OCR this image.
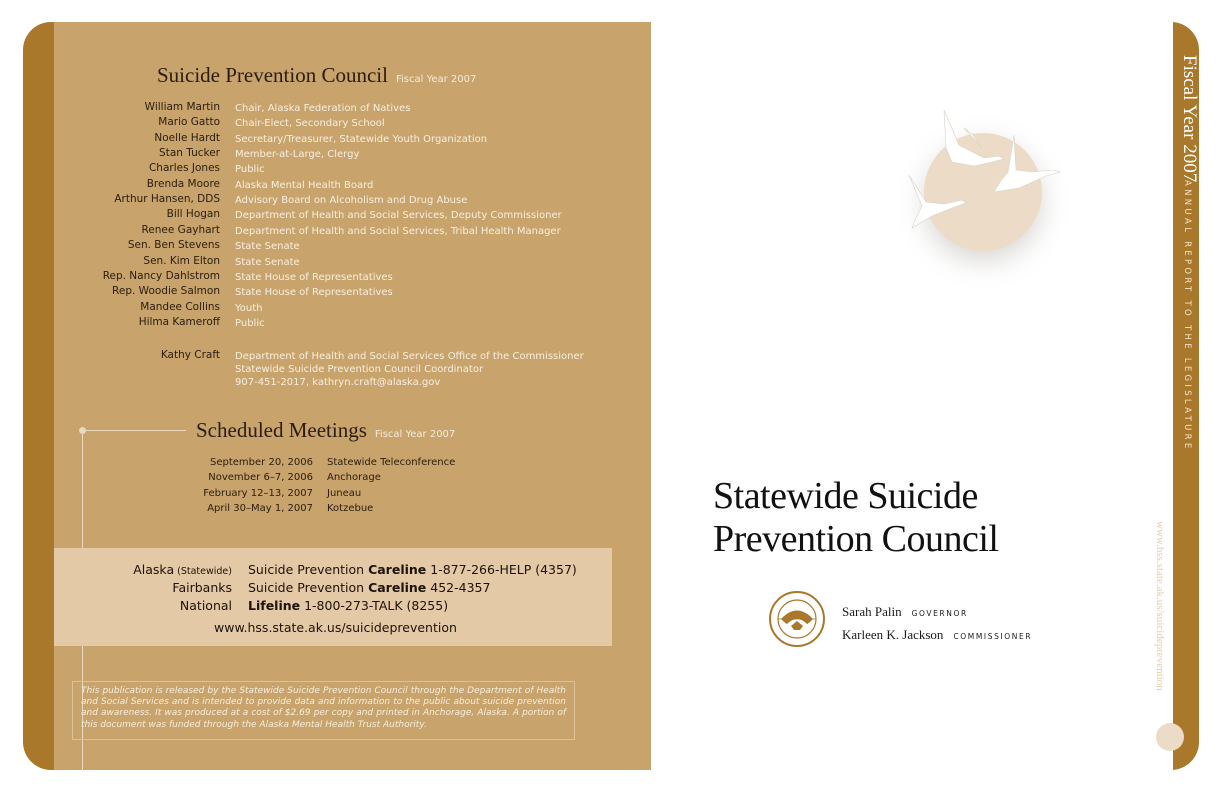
Suicide Prevention Council Fiscal Year 2007
William Martin Chair, Alaska Federation of Natives
Mario Gatto Chair-Elect, Secondary School
Noelle Hardt Secretary/Treasurer, Statewide Youth Organization
Stan Tucker Member-at-Large, Clergy
Charles Jones Public
Brenda Moore Alaska Mental Health Board
Arthur Hansen, DDS Advisory Board on Alcoholism and Drug Abuse
Bill Hogan Department of Health and Social Services, Deputy Commissioner
Renee Gayhart Department of Health and Social Services, Tribal Health Manager
Sen. Ben Stevens State Senate
Sen. Kim Elton State Senate
Rep. Nancy Dahlstrom State House of Representatives
Rep. Woodie Salmon State House of Representatives
Mandee Collins Youth
Hilma Kameroff Public
Kathy Craft Department of Health and Social Services Office of the Commissioner
Statewide Suicide Prevention Council Coordinator
907-451-2017, kathryn.craft@alaska.gov
Scheduled Meetings Fiscal Year 2007
September 20, 2006 Statewide Teleconference
November 6–7, 2006 Anchorage
February 12–13, 2007 Juneau
April 30–May 1, 2007 Kotzebue
Alaska (Statewide) Suicide Prevention Careline 1-877-266-HELP (4357)
Fairbanks Suicide Prevention Careline 452-4357
National Lifeline 1-800-273-TALK (8255)
www.hss.state.ak.us/suicideprevention
This publication is released by the Statewide Suicide Prevention Council through the Department of Health and Social Services and is intended to provide data and information to the public about suicide prevention and awareness. It was produced at a cost of $2.69 per copy and printed in Anchorage, Alaska. A portion of this document was funded through the Alaska Mental Health Trust Authority.
Fiscal Year 2007
ANNUAL REPORT TO THE LEGISLATURE
www.hss.state.ak.us/suicideprevention
Statewide Suicide
Prevention Council
Sarah Palin GOVERNOR
Karleen K. Jackson COMMISSIONER
